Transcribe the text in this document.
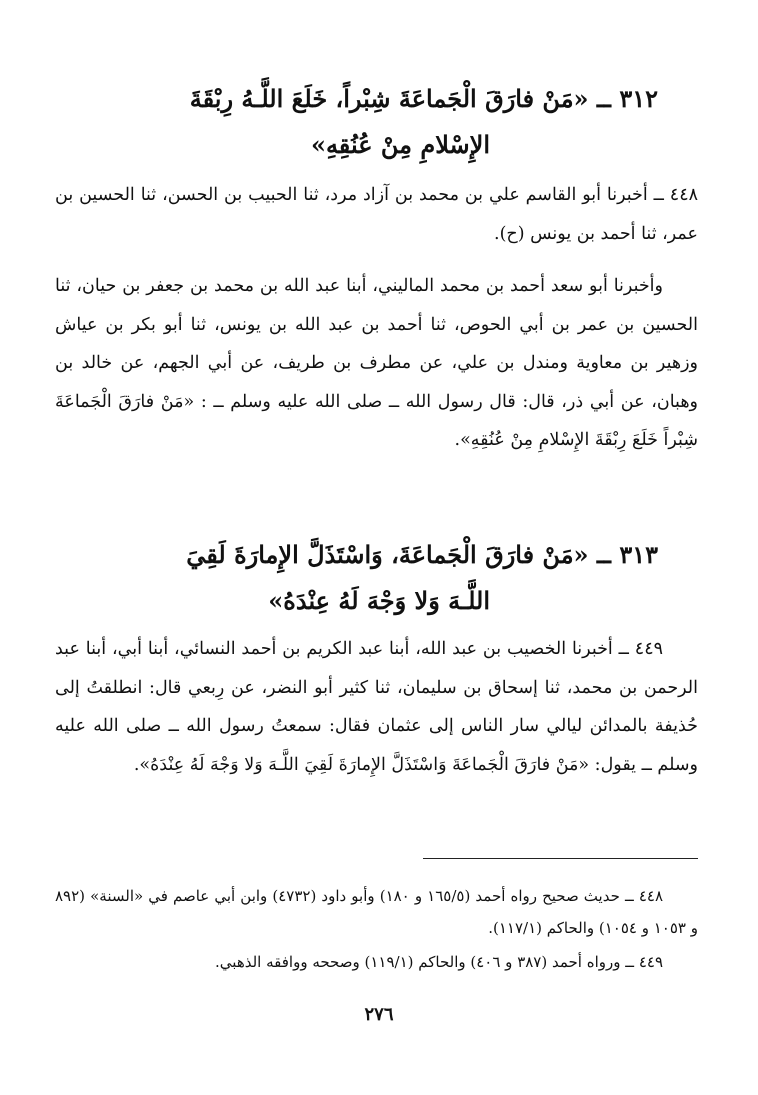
٣١٢ ــ «مَنْ فارَقَ الْجَماعَةَ شِبْراً، خَلَعَ اللَّـهُ رِبْقَةَ
الإِسْلامِ مِنْ عُنُقِهِ»
٤٤٨ ــ أخبرنا أبو القاسم علي بن محمد بن آزاد مرد، ثنا الحبيب بن الحسن، ثنا الحسين بن عمر، ثنا أحمد بن يونس (ح).
وأخبرنا أبو سعد أحمد بن محمد الماليني، أبنا عبد الله بن محمد بن جعفر بن حيان، ثنا الحسين بن عمر بن أبي الحوص، ثنا أحمد بن عبد الله بن يونس، ثنا أبو بكر بن عياش وزهير بن معاوية ومندل بن علي، عن مطرف بن طريف، عن أبي الجهم، عن خالد بن وهبان، عن أبي ذر، قال: قال رسول الله ــ صلى الله عليه وسلم ــ : «مَنْ فارَقَ الْجَماعَةَ شِبْراً خَلَعَ رِبْقَةَ الإِسْلامِ مِنْ عُنُقِهِ».
٣١٣ ــ «مَنْ فارَقَ الْجَماعَةَ، وَاسْتَذَلَّ الإِمارَةَ لَقِيَ
اللَّـهَ وَلا وَجْهَ لَهُ عِنْدَهُ»
٤٤٩ ــ أخبرنا الخصيب بن عبد الله، أبنا عبد الكريم بن أحمد النسائي، أبنا أبي، أبنا عبد الرحمن بن محمد، ثنا إسحاق بن سليمان، ثنا كثير أبو النضر، عن رِبعي قال: انطلقتُ إلى حُذيفة بالمدائن ليالي سار الناس إلى عثمان فقال: سمعتُ رسول الله ــ صلى الله عليه وسلم ــ يقول: «مَنْ فارَقَ الْجَماعَةَ وَاسْتَذَلَّ الإِمارَةَ لَقِيَ اللَّـهَ وَلا وَجْهَ لَهُ عِنْدَهُ».
٤٤٨ ــ حديث صحيح رواه أحمد (١٦٥/٥ و ١٨٠) وأبو داود (٤٧٣٢) وابن أبي عاصم في «السنة» (٨٩٢ و ١٠٥٣ و ١٠٥٤) والحاكم (١١٧/١).
٤٤٩ ــ ورواه أحمد (٣٨٧ و ٤٠٦) والحاكم (١١٩/١) وصححه ووافقه الذهبي.
٢٧٦
